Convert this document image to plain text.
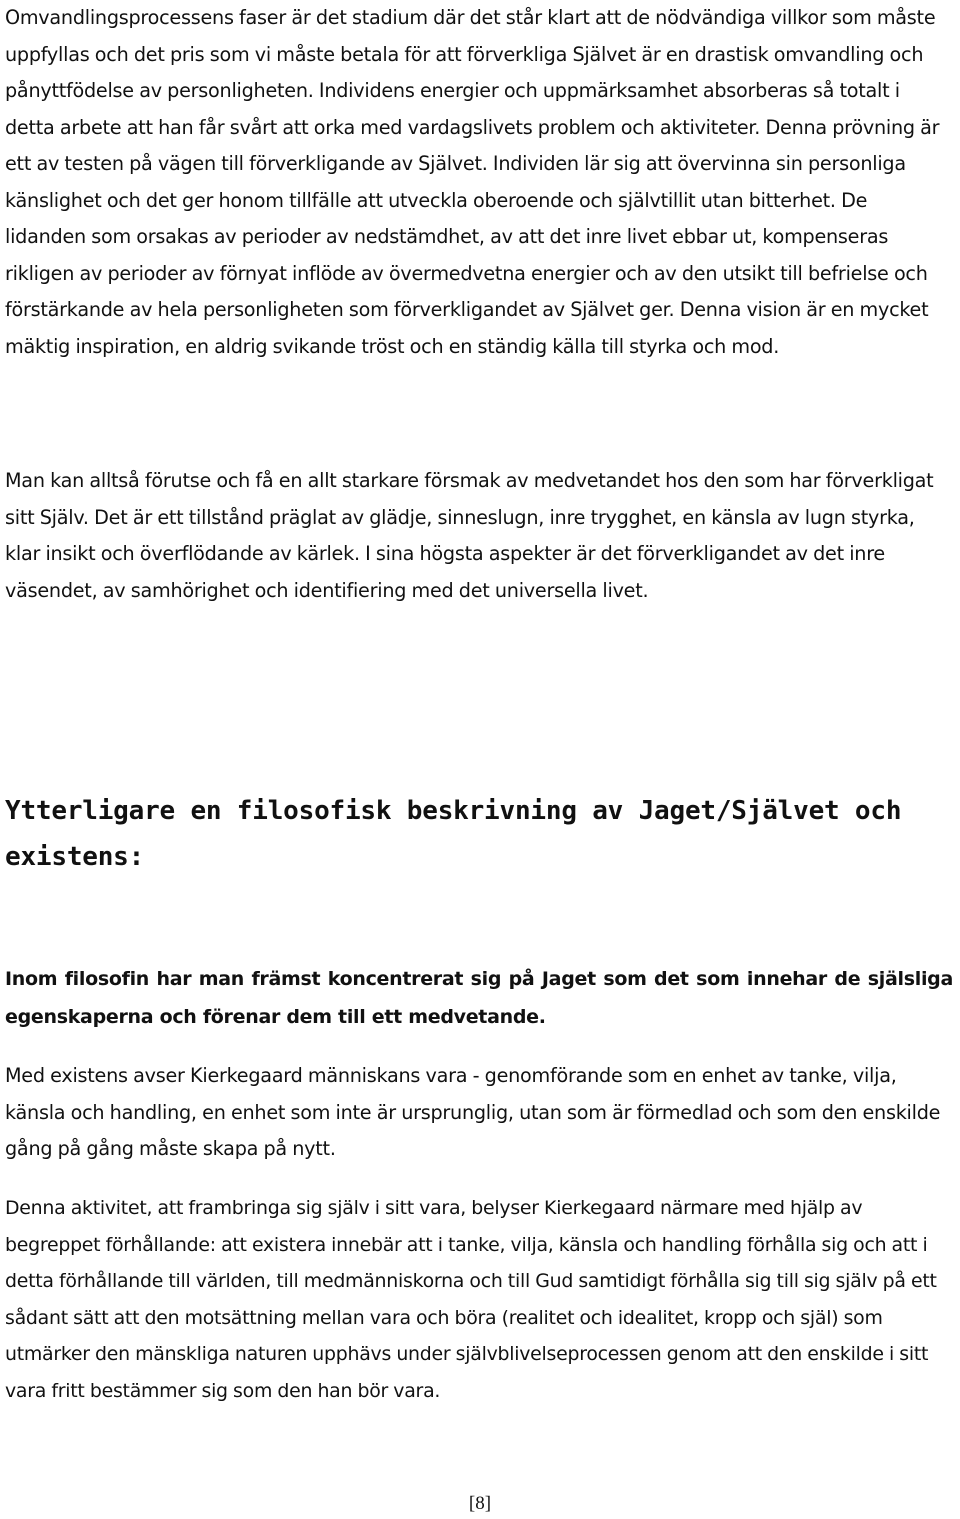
Omvandlingsprocessens faser är det stadium där det står klart att de nödvändiga villkor som måste uppfyllas och det pris som vi måste betala för att förverkliga Självet är en drastisk omvandling och pånyttfödelse av personligheten. Individens energier och uppmärksamhet absorberas så totalt i detta arbete att han får svårt att orka med vardagslivets problem och aktiviteter. Denna prövning är ett av testen på vägen till förverkligande av Självet. Individen lär sig att övervinna sin personliga känslighet och det ger honom tillfälle att utveckla oberoende och självtillit utan bitterhet. De lidanden som orsakas av perioder av nedstämdhet, av att det inre livet ebbar ut, kompenseras rikligen av perioder av förnyat inflöde av övermedvetna energier och av den utsikt till befrielse och förstärkande av hela personligheten som förverkligandet av Självet ger. Denna vision är en mycket mäktig inspiration, en aldrig svikande tröst och en ständig källa till styrka och mod.

Man kan alltså förutse och få en allt starkare försmak av medvetandet hos den som har förverkligat sitt Själv. Det är ett tillstånd präglat av glädje, sinneslugn, inre trygghet, en känsla av lugn styrka, klar insikt och överflödande av kärlek. I sina högsta aspekter är det förverkligandet av det inre väsendet, av samhörighet och identifiering med det universella livet.

Ytterligare en filosofisk beskrivning av Jaget/Självet och existens:

Inom filosofin har man främst koncentrerat sig på Jaget som det som innehar de själsliga egenskaperna och förenar dem till ett medvetande.

Med existens avser Kierkegaard människans vara - genomförande som en enhet av tanke, vilja, känsla och handling, en enhet som inte är ursprunglig, utan som är förmedlad och som den enskilde gång på gång måste skapa på nytt.

Denna aktivitet, att frambringa sig själv i sitt vara, belyser Kierkegaard närmare med hjälp av begreppet förhållande: att existera innebär att i tanke, vilja, känsla och handling förhålla sig och att i detta förhållande till världen, till medmänniskorna och till Gud samtidigt förhålla sig till sig själv på ett sådant sätt att den motsättning mellan vara och böra (realitet och idealitet, kropp och själ) som utmärker den mänskliga naturen upphävs under självblivelseprocessen genom att den enskilde i sitt vara fritt bestämmer sig som den han bör vara.

[8]
